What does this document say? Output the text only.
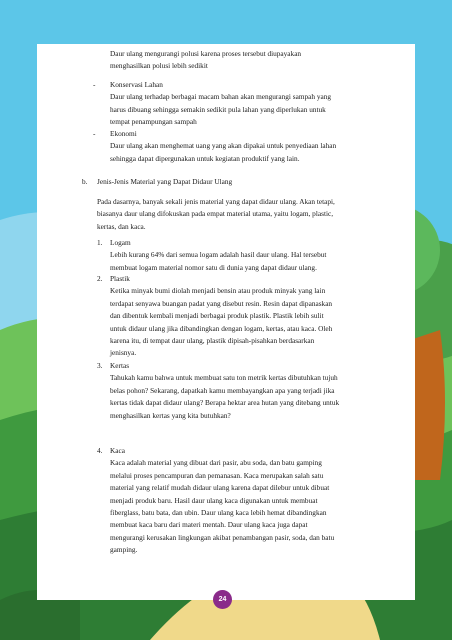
Daur ulang mengurangi polusi karena proses tersebut diupayakan

menghasilkan polusi lebih sedikit

- Konservasi Lahan

Daur ulang terhadap berbagai macam bahan akan mengurangi sampah yang

harus dibuang sehingga semakin sedikit pula lahan yang diperlukan untuk

tempat penampungan sampah

- Ekonomi

Daur ulang akan menghemat uang yang akan dipakai untuk penyediaan lahan

sehingga dapat dipergunakan untuk kegiatan produktif yang lain.

b. Jenis-Jenis Material yang Dapat Didaur Ulang

Pada dasarnya, banyak sekali jenis material yang dapat didaur ulang. Akan tetapi,

biasanya daur ulang difokuskan pada empat material utama, yaitu logam, plastic,

kertas, dan kaca.

1. Logam

Lebih kurang 64% dari semua logam adalah hasil daur ulang. Hal tersebut

membuat logam material nomor satu di dunia yang dapat didaur ulang.

2. Plastik

Ketika minyak bumi diolah menjadi bensin atau produk minyak yang lain

terdapat senyawa buangan padat yang disebut resin. Resin dapat dipanaskan

dan dibentuk kembali menjadi berbagai produk plastik. Plastik lebih sulit

untuk didaur ulang jika dibandingkan dengan logam, kertas, atau kaca. Oleh

karena itu, di tempat daur ulang, plastik dipisah-pisahkan berdasarkan

jenisnya.

3. Kertas

Tahukah kamu bahwa untuk membuat satu ton metrik kertas dibutuhkan tujuh

belas pohon? Sekarang, dapatkah kamu membayangkan apa yang terjadi jika

kertas tidak dapat didaur ulang? Berapa hektar area hutan yang ditebang untuk

menghasilkan kertas yang kita butuhkan?

4. Kaca

Kaca adalah material yang dibuat dari pasir, abu soda, dan batu gamping

melalui proses pencampuran dan pemanasan. Kaca merupakan salah satu

material yang relatif mudah didaur ulang karena dapat dilebur untuk dibuat

menjadi produk baru. Hasil daur ulang kaca digunakan untuk membuat

fiberglass, batu bata, dan ubin. Daur ulang kaca lebih hemat dibandingkan

membuat kaca baru dari materi mentah. Daur ulang kaca juga dapat

mengurangi kerusakan lingkungan akibat penambangan pasir, soda, dan batu

gamping.

24
